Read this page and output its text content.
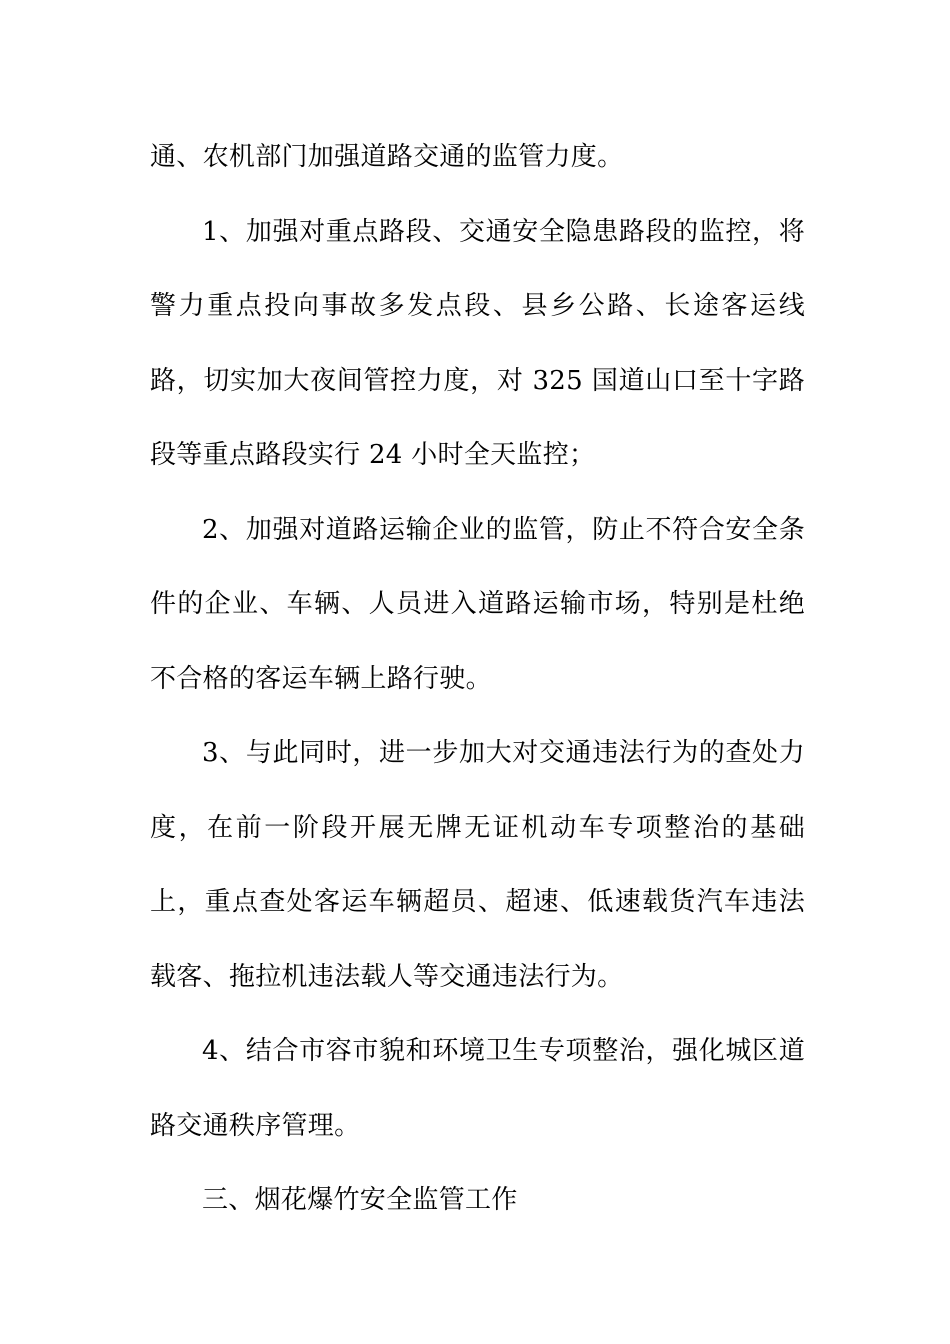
通、农机部门加强道路交通的监管力度。

1、加强对重点路段、交通安全隐患路段的监控，将警力重点投向事故多发点段、县乡公路、长途客运线路，切实加大夜间管控力度，对 325 国道山口至十字路段等重点路段实行 24 小时全天监控；

2、加强对道路运输企业的监管，防止不符合安全条件的企业、车辆、人员进入道路运输市场，特别是杜绝不合格的客运车辆上路行驶。

3、与此同时，进一步加大对交通违法行为的查处力度，在前一阶段开展无牌无证机动车专项整治的基础上，重点查处客运车辆超员、超速、低速载货汽车违法载客、拖拉机违法载人等交通违法行为。

4、结合市容市貌和环境卫生专项整治，强化城区道路交通秩序管理。

三、烟花爆竹安全监管工作
